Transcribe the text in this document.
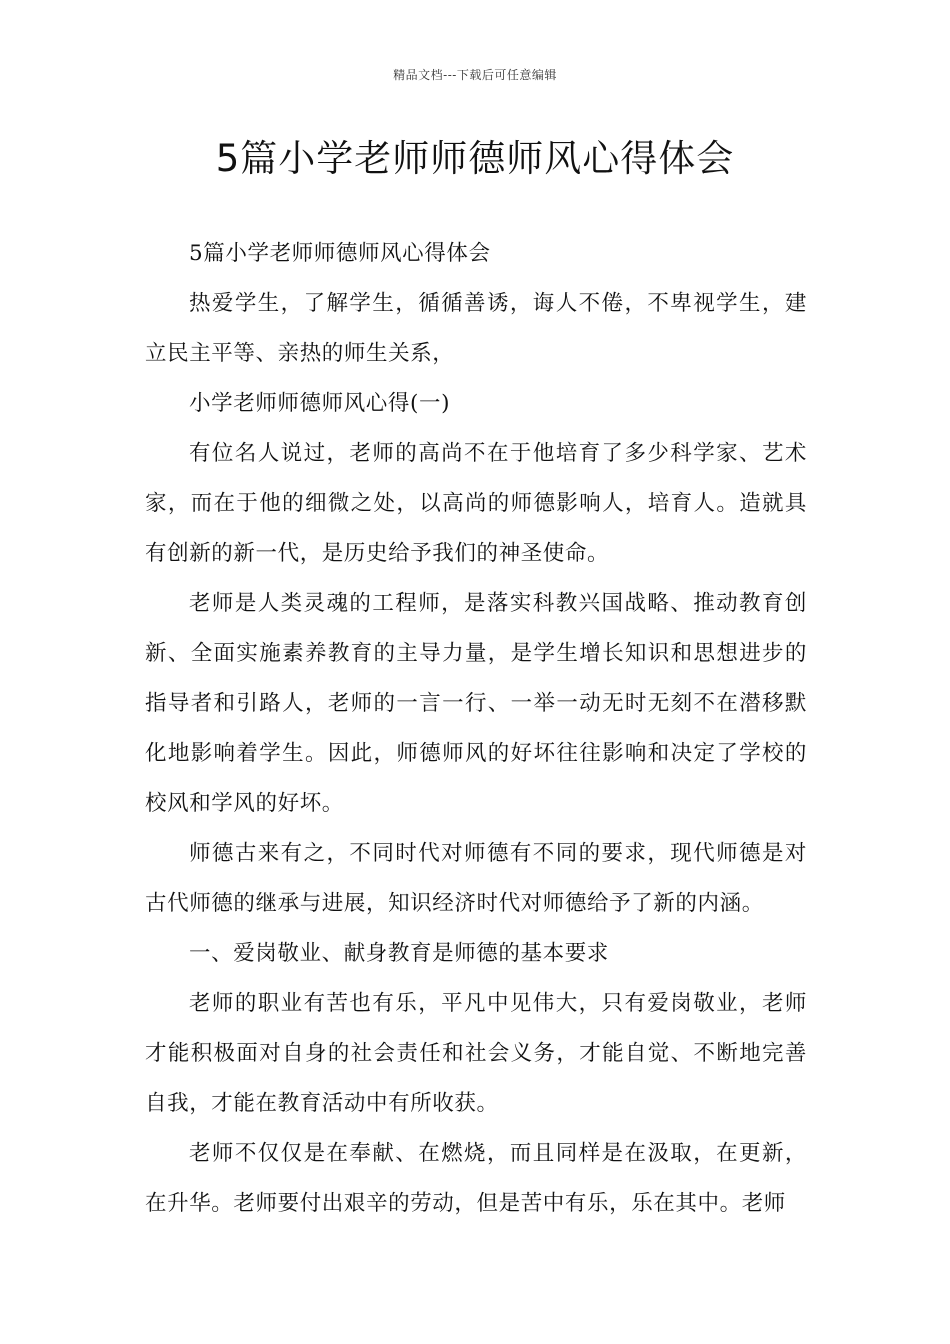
精品文档---下载后可任意编辑
5篇小学老师师德师风心得体会

5篇小学老师师德师风心得体会

热爱学生，了解学生，循循善诱，诲人不倦，不卑视学生，建立民主平等、亲热的师生关系，

小学老师师德师风心得(一)

有位名人说过，老师的高尚不在于他培育了多少科学家、艺术家，而在于他的细微之处，以高尚的师德影响人，培育人。造就具有创新的新一代，是历史给予我们的神圣使命。

老师是人类灵魂的工程师，是落实科教兴国战略、推动教育创新、全面实施素养教育的主导力量，是学生增长知识和思想进步的指导者和引路人，老师的一言一行、一举一动无时无刻不在潜移默化地影响着学生。因此，师德师风的好坏往往影响和决定了学校的校风和学风的好坏。

师德古来有之，不同时代对师德有不同的要求，现代师德是对古代师德的继承与进展，知识经济时代对师德给予了新的内涵。

一、爱岗敬业、献身教育是师德的基本要求

老师的职业有苦也有乐，平凡中见伟大，只有爱岗敬业，老师才能积极面对自身的社会责任和社会义务，才能自觉、不断地完善自我，才能在教育活动中有所收获。

老师不仅仅是在奉献、在燃烧，而且同样是在汲取，在更新，在升华。老师要付出艰辛的劳动，但是苦中有乐，乐在其中。老师
